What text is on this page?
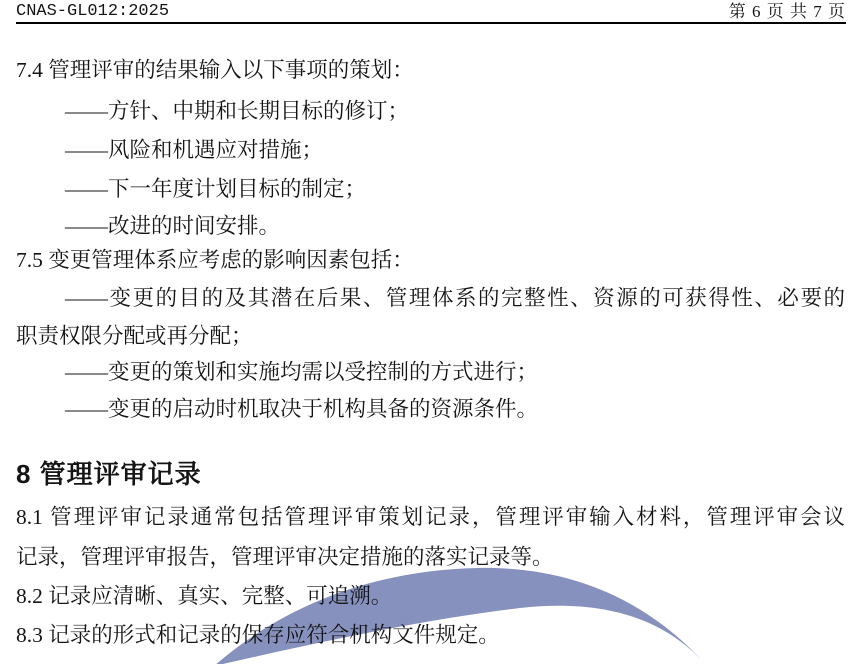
CNAS-GL012:2025	第 6 页 共 7 页
7.4 管理评审的结果输入以下事项的策划：
——方针、中期和长期目标的修订；
——风险和机遇应对措施；
——下一年度计划目标的制定；
——改进的时间安排。
7.5 变更管理体系应考虑的影响因素包括：
——变更的目的及其潜在后果、管理体系的完整性、资源的可获得性、必要的
职责权限分配或再分配；
——变更的策划和实施均需以受控制的方式进行；
——变更的启动时机取决于机构具备的资源条件。
8 管理评审记录
8.1 管理评审记录通常包括管理评审策划记录，管理评审输入材料，管理评审会议
记录，管理评审报告，管理评审决定措施的落实记录等。
8.2 记录应清晰、真实、完整、可追溯。
8.3 记录的形式和记录的保存应符合机构文件规定。
